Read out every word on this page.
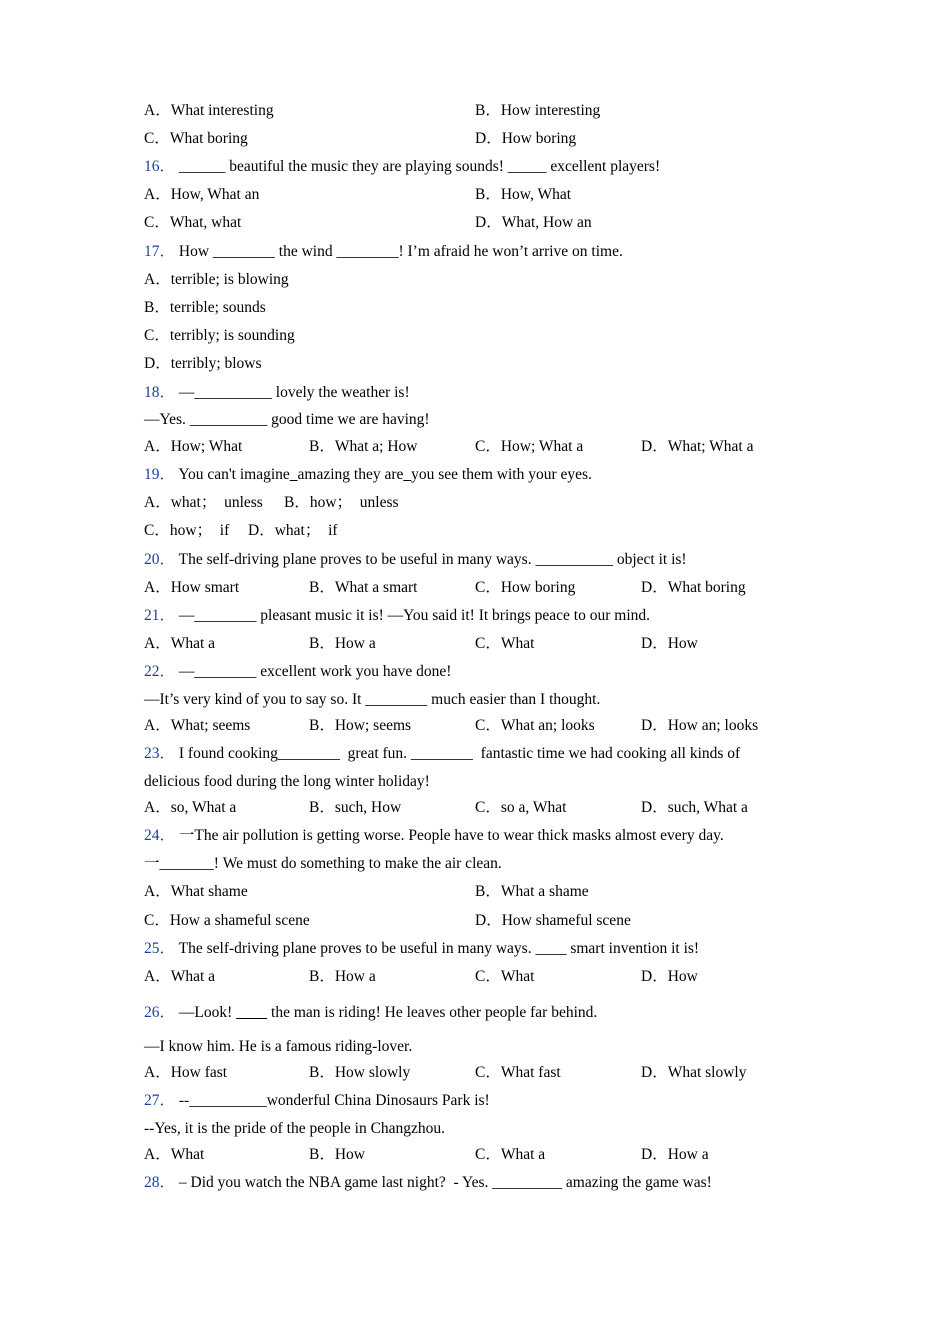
A．What interesting	B．How interesting
C．What boring	D．How boring
16． ______ beautiful the music they are playing sounds! _____ excellent players!
A．How, What an	B．How, What
C．What, what	D．What, How an
17． How ________ the wind ________! I’m afraid he won’t arrive on time.
A．terrible; is blowing
B．terrible; sounds
C．terribly; is sounding
D．terribly; blows
18． —__________ lovely the weather is!
—Yes. __________ good time we are having!
A．How; What	B．What a; How	C．How; What a	D．What; What a
19． You can't imagine amazing they are you see them with your eyes.
A．what；  unless B．how；  unless
C．how；  if D．what；  if
20． The self-driving plane proves to be useful in many ways. __________ object it is!
A．How smart	B．What a smart	C．How boring	D．What boring
21． —________ pleasant music it is! —You said it! It brings peace to our mind.
A．What a	B．How a	C．What	D．How
22． —________ excellent work you have done!
—It’s very kind of you to say so. It ________ much easier than I thought.
A．What; seems	B．How; seems	C．What an; looks	D．How an; looks
23． I found cooking________  great fun. ________  fantastic time we had cooking all kinds of
delicious food during the long winter holiday!
A．so, What a	B．such, How	C．so a, What	D．such, What a
24． 一The air pollution is getting worse. People have to wear thick masks almost every day.
一_______! We must do something to make the air clean.
A．What shame	B．What a shame
C．How a shameful scene	D．How shameful scene
25． The self-driving plane proves to be useful in many ways. ____ smart invention it is!
A．What a	B．How a	C．What	D．How
26． —Look!          the man is riding! He leaves other people far behind.
—I know him. He is a famous riding-lover.
A．How fast	B．How slowly	C．What fast	D．What slowly
27． --__________wonderful China Dinosaurs Park is!
--Yes, it is the pride of the people in Changzhou.
A．What	B．How	C．What a	D．How a
28． – Did you watch the NBA game last night?  - Yes. _________ amazing the game was!
